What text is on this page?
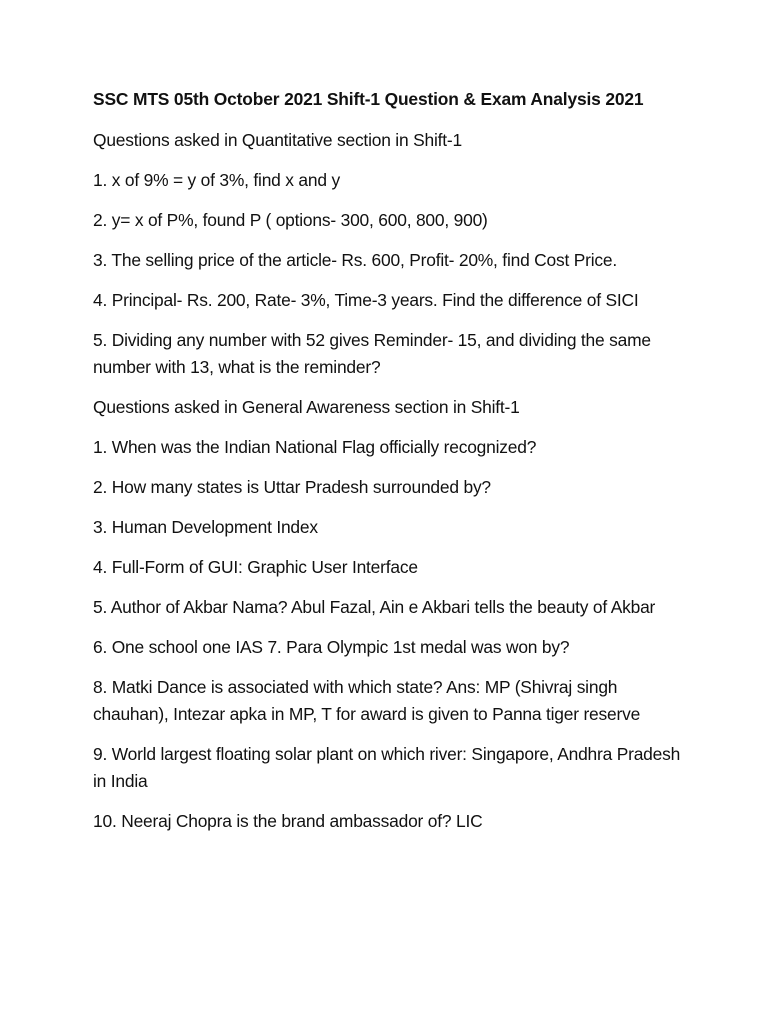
SSC MTS 05th October 2021 Shift-1 Question & Exam Analysis 2021

Questions asked in Quantitative section in Shift-1

1. x of 9% = y of 3%, find x and y

2. y= x of P%, found P ( options- 300, 600, 800, 900)

3. The selling price of the article- Rs. 600, Profit- 20%, find Cost Price.

4. Principal- Rs. 200, Rate- 3%, Time-3 years. Find the difference of SICI

5. Dividing any number with 52 gives Reminder- 15, and dividing the same number with 13, what is the reminder?

Questions asked in General Awareness section in Shift-1

1. When was the Indian National Flag officially recognized?

2. How many states is Uttar Pradesh surrounded by?

3. Human Development Index

4. Full-Form of GUI: Graphic User Interface

5. Author of Akbar Nama? Abul Fazal, Ain e Akbari tells the beauty of Akbar

6. One school one IAS 7. Para Olympic 1st medal was won by?

8. Matki Dance is associated with which state? Ans: MP (Shivraj singh chauhan), Intezar apka in MP, T for award is given to Panna tiger reserve

9. World largest floating solar plant on which river: Singapore, Andhra Pradesh in India

10. Neeraj Chopra is the brand ambassador of? LIC
